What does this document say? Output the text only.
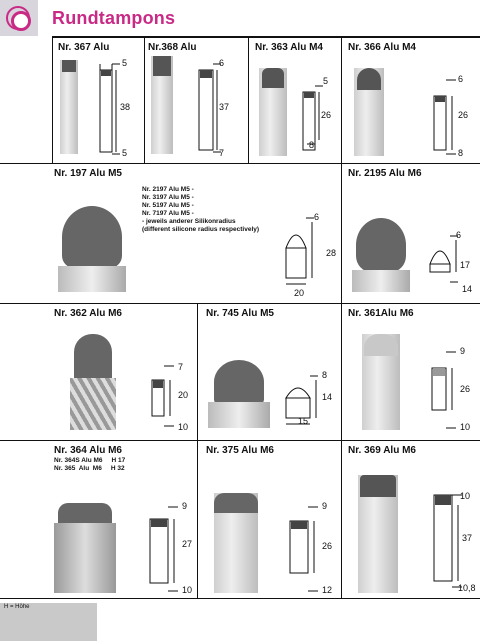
Rundtampons
Nr. 367 Alu
5
38
5
Nr.368 Alu
6
37
7
Nr. 363 Alu M4
5
26
8
Nr. 366 Alu M4
6
26
8
Nr. 197 Alu M5
Nr. 2197 Alu M5 -
Nr. 3197 Alu M5 -
Nr. 5197 Alu M5 -
Nr. 7197 Alu M5 -
- jeweils anderer Silikonradius
(different silicone radius respectively)
6
28
20
Nr. 2195 Alu M6
6
17
14
Nr. 362 Alu M6
7
20
10
Nr. 745 Alu M5
8
14
15
Nr. 361Alu M6
9
26
10
Nr. 364 Alu M6
Nr. 364S Alu M6     H 17
Nr. 365  Alu  M6     H 32
9
27
10
Nr. 375 Alu M6
9
26
12
Nr. 369 Alu M6
10
37
10,8
H = Höhe
